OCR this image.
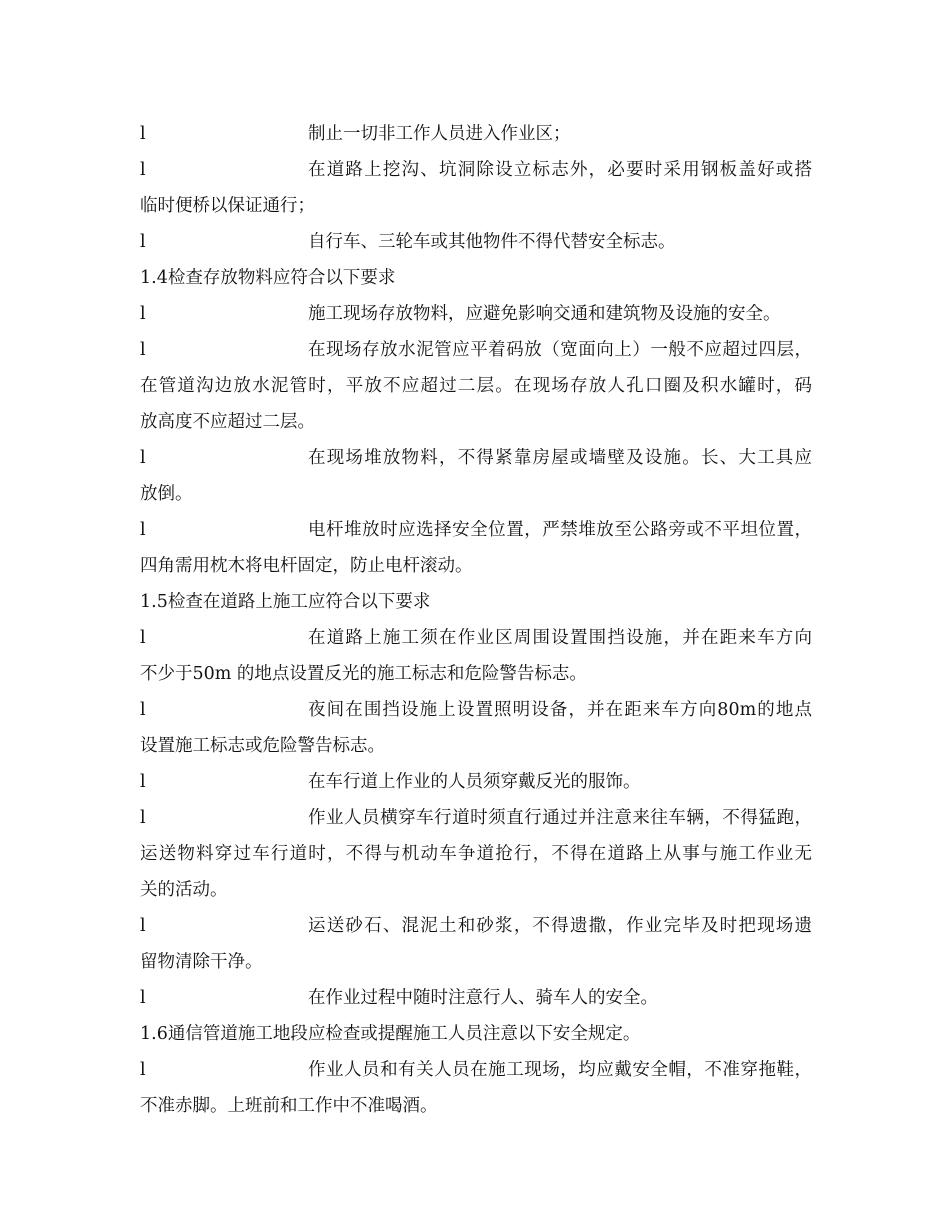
l	制止一切非工作人员进入作业区；
l	在道路上挖沟、坑洞除设立标志外，必要时采用钢板盖好或搭
临时便桥以保证通行；
l	自行车、三轮车或其他物件不得代替安全标志。
1.4检查存放物料应符合以下要求
l	施工现场存放物料，应避免影响交通和建筑物及设施的安全。
l	在现场存放水泥管应平着码放（宽面向上）一般不应超过四层，
在管道沟边放水泥管时，平放不应超过二层。在现场存放人孔口圈及积水罐时，码
放高度不应超过二层。
l	在现场堆放物料，不得紧靠房屋或墙壁及设施。长、大工具应
放倒。
l	电杆堆放时应选择安全位置，严禁堆放至公路旁或不平坦位置，
四角需用枕木将电杆固定，防止电杆滚动。
1.5检查在道路上施工应符合以下要求
l	在道路上施工须在作业区周围设置围挡设施，并在距来车方向
不少于50m 的地点设置反光的施工标志和危险警告标志。
l	夜间在围挡设施上设置照明设备，并在距来车方向80m的地点
设置施工标志或危险警告标志。
l	在车行道上作业的人员须穿戴反光的服饰。
l	作业人员横穿车行道时须直行通过并注意来往车辆，不得猛跑，
运送物料穿过车行道时，不得与机动车争道抢行，不得在道路上从事与施工作业无
关的活动。
l	运送砂石、混泥土和砂浆，不得遗撒，作业完毕及时把现场遗
留物清除干净。
l	在作业过程中随时注意行人、骑车人的安全。
1.6通信管道施工地段应检查或提醒施工人员注意以下安全规定。
l	作业人员和有关人员在施工现场，均应戴安全帽，不准穿拖鞋，
不准赤脚。上班前和工作中不准喝酒。
